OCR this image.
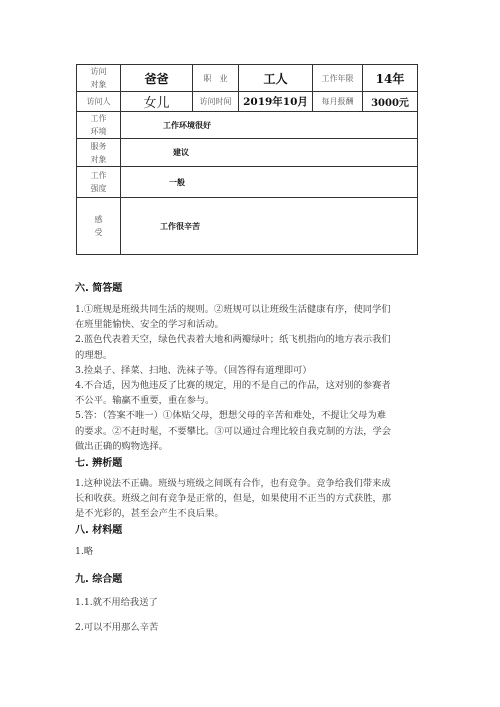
访问
对象	爸爸	职　业	工人	工作年限	14年
访问人	女儿	访问时间	2019年10月	每月报酬	3000元

工作
环境	工作环境很好				

服务
对象	建议				

工作
强度	一般				

感
受	工作很辛苦				
六. 简答题
1.①班规是班级共同生活的规则。②班规可以让班级生活健康有序，使同学们
在班里能愉快、安全的学习和活动。
2.蓝色代表着天空，绿色代表着大地和两瓣绿叶；纸飞机指向的地方表示我们
的理想。
3.捡桌子、择菜、扫地、洗袜子等。（回答得有道理即可）
4.不合适，因为他违反了比赛的规定，用的不是自己的作品，这对别的参赛者
不公平。输赢不重要，重在参与。
5.答：（答案不唯一）①体贴父母，想想父母的辛苦和难处，不提让父母为难
的要求。②不赶时髦，不要攀比。③可以通过合理比较自我克制的方法，学会
做出正确的购物选择。
七. 辨析题
1.这种说法不正确。班级与班级之间既有合作，也有竞争。竞争给我们带来成
长和收获。班级之间有竞争是正常的，但是，如果使用不正当的方式获胜，那
是不光彩的，甚至会产生不良后果。
八. 材料题
1.略
九. 综合题
1.1.就不用给我送了
2.可以不用那么辛苦
